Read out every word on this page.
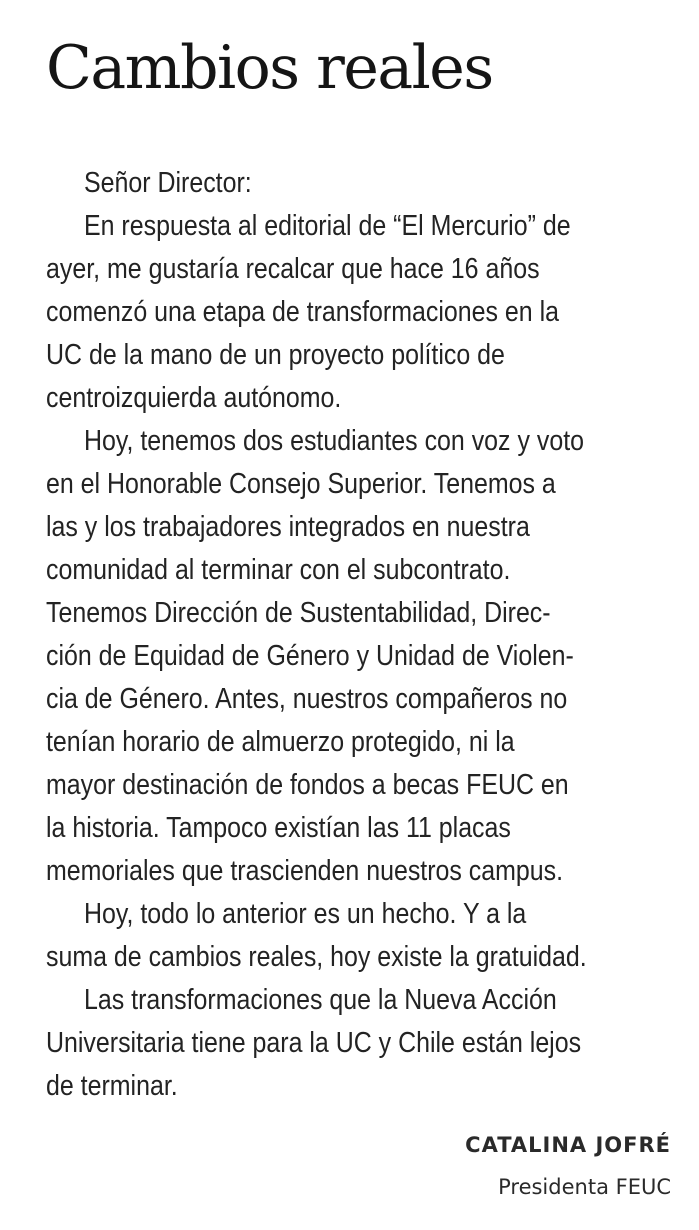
Cambios reales
Señor Director:
En respuesta al editorial de “El Mercurio” de
ayer, me gustaría recalcar que hace 16 años
comenzó una etapa de transformaciones en la
UC de la mano de un proyecto político de
centroizquierda autónomo.
Hoy, tenemos dos estudiantes con voz y voto
en el Honorable Consejo Superior. Tenemos a
las y los trabajadores integrados en nuestra
comunidad al terminar con el subcontrato.
Tenemos Dirección de Sustentabilidad, Direc-
ción de Equidad de Género y Unidad de Violen-
cia de Género. Antes, nuestros compañeros no
tenían horario de almuerzo protegido, ni la
mayor destinación de fondos a becas FEUC en
la historia. Tampoco existían las 11 placas
memoriales que trascienden nuestros campus.
Hoy, todo lo anterior es un hecho. Y a la
suma de cambios reales, hoy existe la gratuidad.
Las transformaciones que la Nueva Acción
Universitaria tiene para la UC y Chile están lejos
de terminar.
CATALINA JOFRÉ
Presidenta FEUC
